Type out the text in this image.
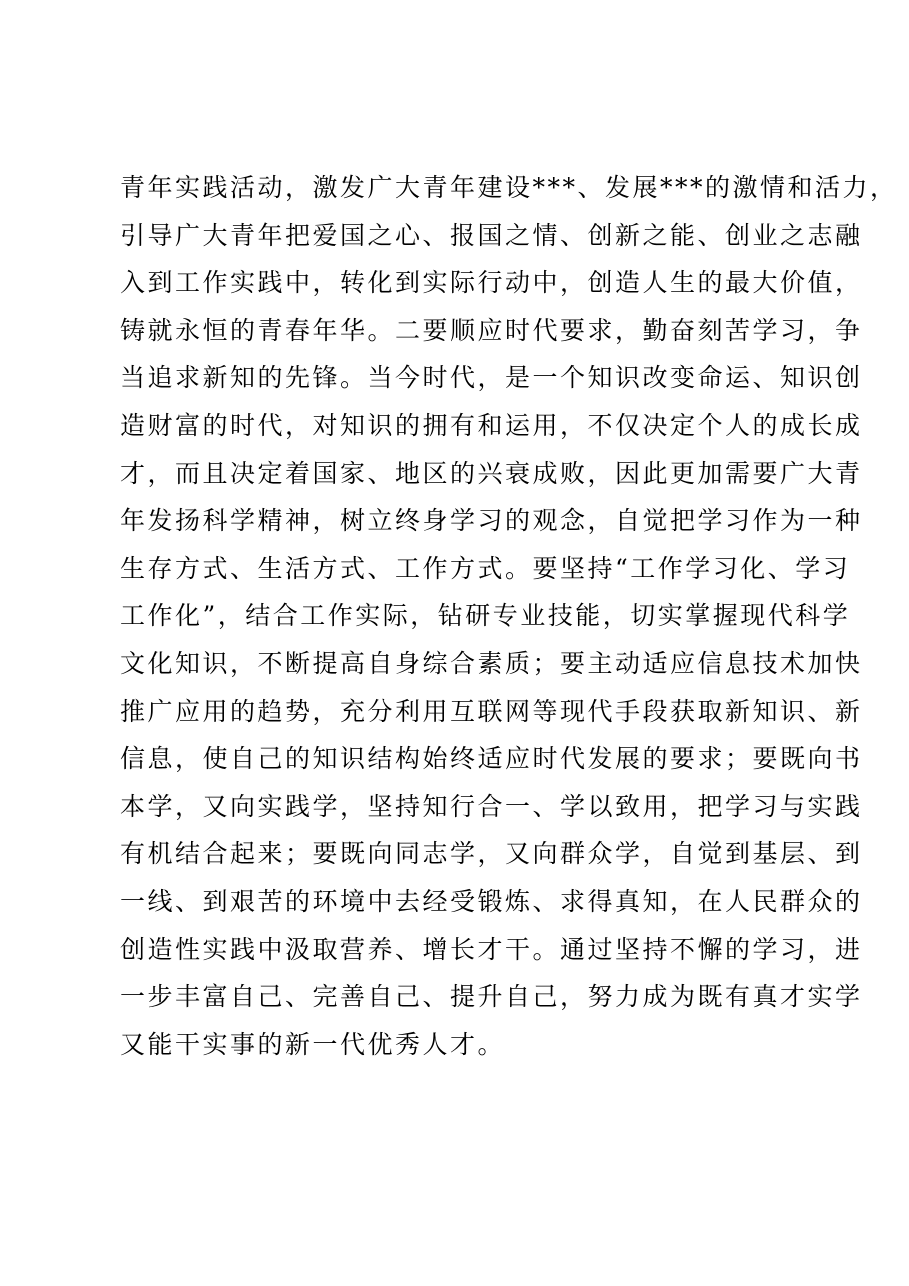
青年实践活动，激发广大青年建设***、发展***的激情和活力，
引导广大青年把爱国之心、报国之情、创新之能、创业之志融
入到工作实践中，转化到实际行动中，创造人生的最大价值，
铸就永恒的青春年华。二要顺应时代要求，勤奋刻苦学习，争
当追求新知的先锋。当今时代，是一个知识改变命运、知识创
造财富的时代，对知识的拥有和运用，不仅决定个人的成长成
才，而且决定着国家、地区的兴衰成败，因此更加需要广大青
年发扬科学精神，树立终身学习的观念，自觉把学习作为一种
生存方式、生活方式、工作方式。要坚持“工作学习化、学习
工作化”，结合工作实际，钻研专业技能，切实掌握现代科学
文化知识，不断提高自身综合素质；要主动适应信息技术加快
推广应用的趋势，充分利用互联网等现代手段获取新知识、新
信息，使自己的知识结构始终适应时代发展的要求；要既向书
本学，又向实践学，坚持知行合一、学以致用，把学习与实践
有机结合起来；要既向同志学，又向群众学，自觉到基层、到
一线、到艰苦的环境中去经受锻炼、求得真知，在人民群众的
创造性实践中汲取营养、增长才干。通过坚持不懈的学习，进
一步丰富自己、完善自己、提升自己，努力成为既有真才实学
又能干实事的新一代优秀人才。
